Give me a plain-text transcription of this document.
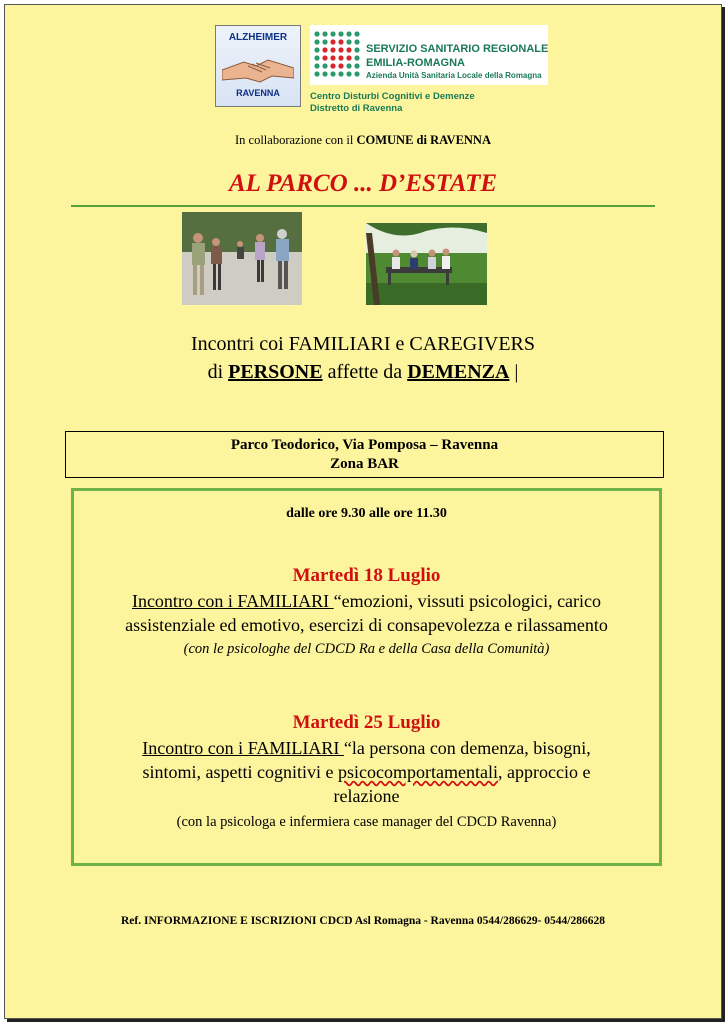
ALZHEIMER
RAVENNA
SERVIZIO SANITARIO REGIONALE
EMILIA-ROMAGNA
Azienda Unità Sanitaria Locale della Romagna
Centro Disturbi Cognitivi e Demenze
Distretto di Ravenna
In collaborazione con il COMUNE di RAVENNA
AL PARCO ... D’ESTATE
Incontri coi FAMILIARI e CAREGIVERS
di PERSONE affette da DEMENZA |
Parco Teodorico, Via Pomposa – Ravenna
Zona BAR
dalle ore 9.30 alle ore 11.30
Martedì 18 Luglio
Incontro con i FAMILIARI “emozioni, vissuti psicologici, carico
assistenziale ed emotivo, esercizi di consapevolezza e rilassamento
(con le psicologhe del CDCD Ra e della Casa della Comunità)
Martedì 25 Luglio
Incontro con i FAMILIARI “la persona con demenza, bisogni,
sintomi, aspetti cognitivi e psicocomportamentali, approccio e
relazione
(con la psicologa e infermiera case manager del CDCD Ravenna)
Ref. INFORMAZIONE E ISCRIZIONI CDCD Asl Romagna - Ravenna 0544/286629- 0544/286628
